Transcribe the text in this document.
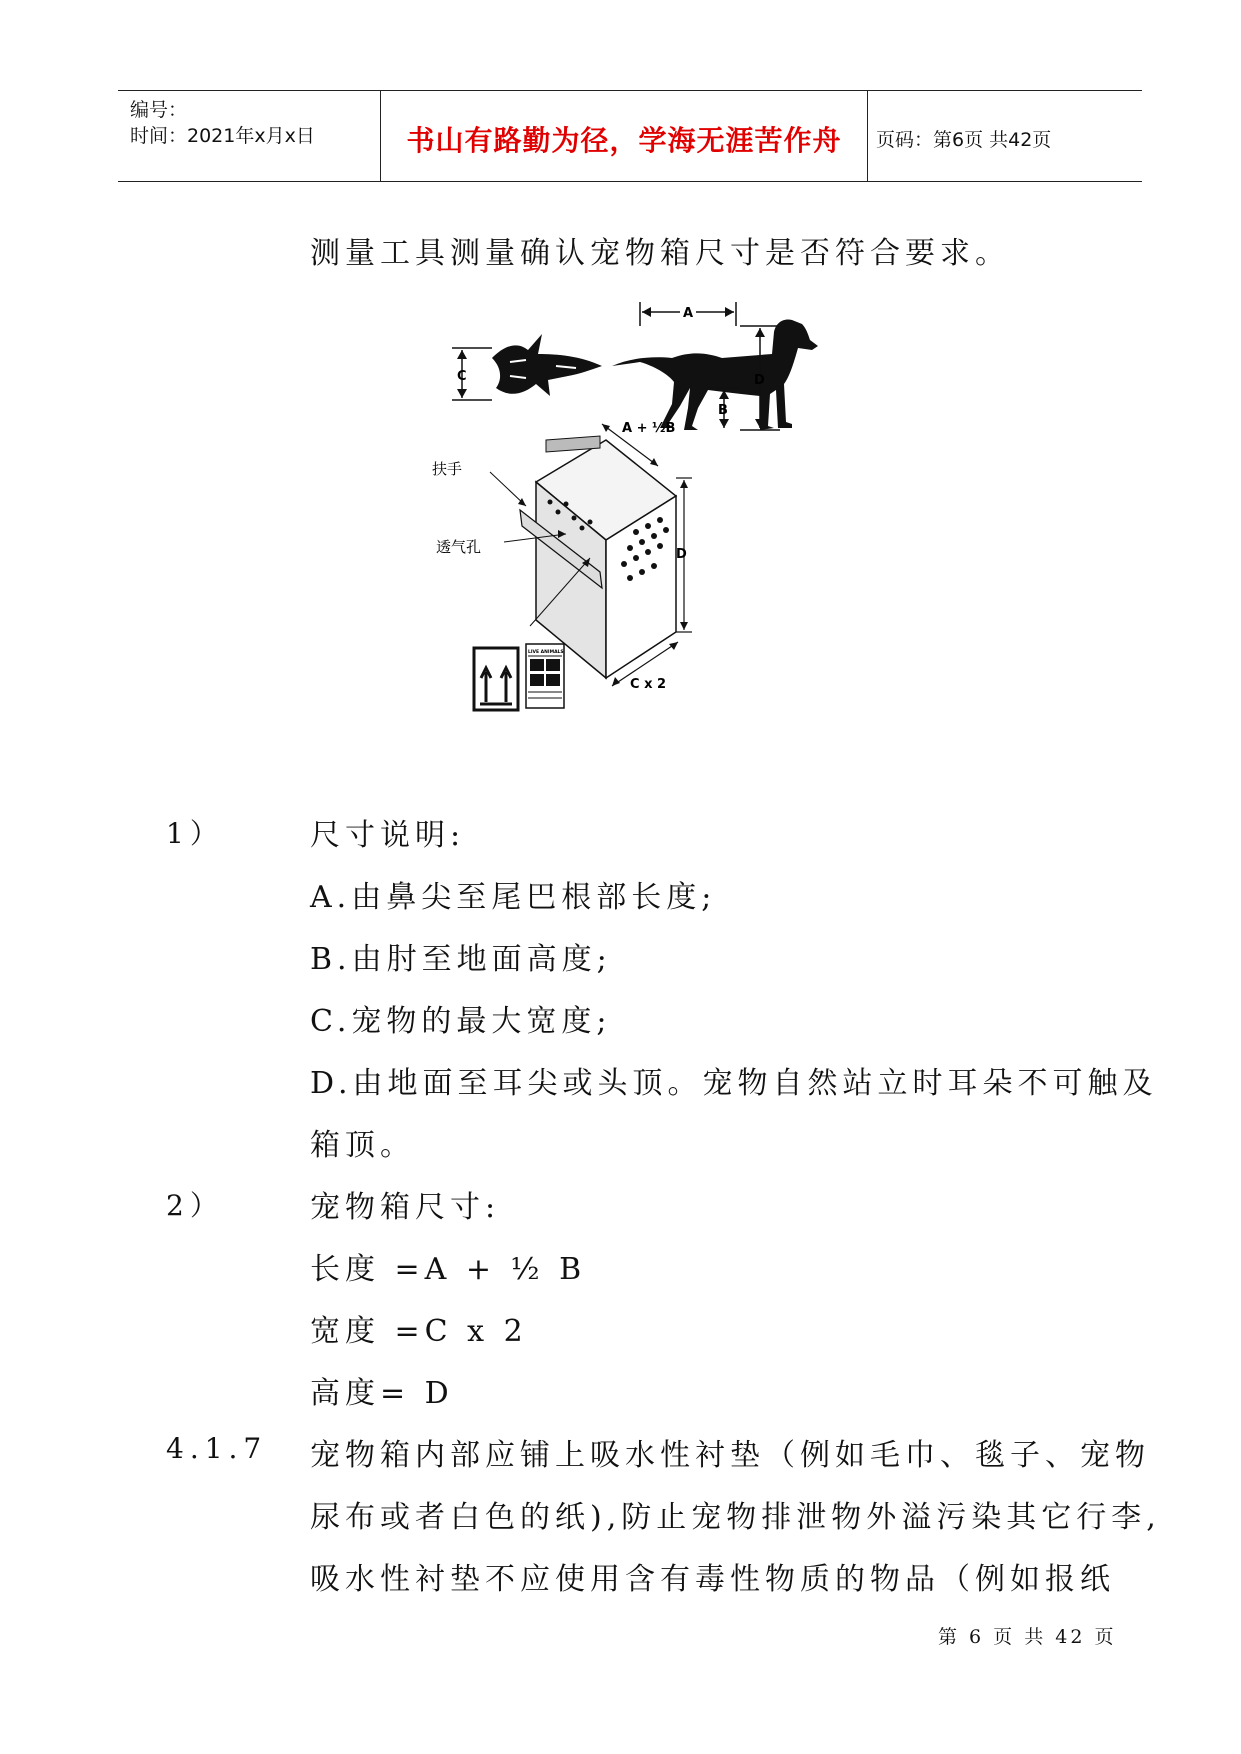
编号：
时间：2021年x月x日	书山有路勤为径，学海无涯苦作舟	页码：第6页 共42页
测量工具测量确认宠物箱尺寸是否符合要求。
C
A
D
B
A + ½B
D
C x 2
扶手
透气孔
LIVE ANIMALS
1）	尺寸说明:
A.由鼻尖至尾巴根部长度;
B.由肘至地面高度;
C.宠物的最大宽度;
D.由地面至耳尖或头顶。宠物自然站立时耳朵不可触及
箱顶。
2）	宠物箱尺寸:
长度 =A + ½ B
宽度 =C x 2
高度= D
4.1.7 宠物箱内部应铺上吸水性衬垫（例如毛巾、毯子、宠物
尿布或者白色的纸),防止宠物排泄物外溢污染其它行李,
吸水性衬垫不应使用含有毒性物质的物品（例如报纸
第 6 页 共 42 页
